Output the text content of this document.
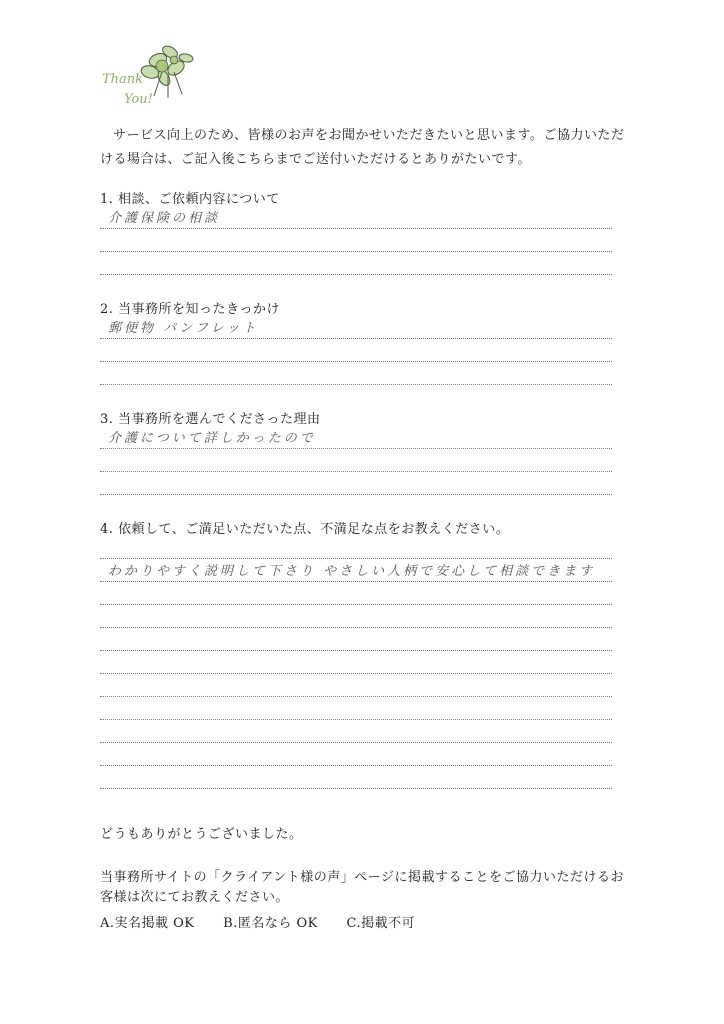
Thank
You!

サービス向上のため、皆様のお声をお聞かせいただきたいと思います。ご協力いただける場合は、ご記入後こちらまでご送付いただけるとありがたいです。

1. 相談、ご依頼内容について
介護保険の相談
2. 当事務所を知ったきっかけ
郵便物 パンフレット
3. 当事務所を選んでくださった理由
介護について詳しかったので
4. 依頼して、ご満足いただいた点、不満足な点をお教えください。
わかりやすく説明して下さり やさしい人柄で安心して相談できます
どうもありがとうございました。

当事務所サイトの「クライアント様の声」ページに掲載することをご協力いただけるお客様は次にてお教えください。

A.実名掲載 OK B.匿名なら OK C.掲載不可
